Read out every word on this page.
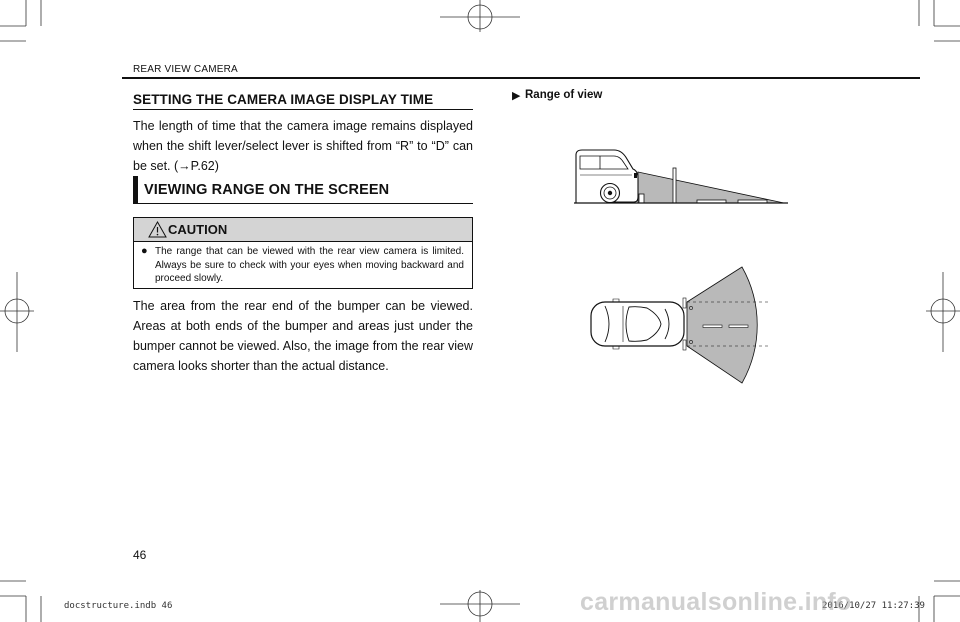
REAR VIEW CAMERA
SETTING THE CAMERA IMAGE DISPLAY TIME
The length of time that the camera image remains displayed when the shift lever/select lever is shifted from “R” to “D” can be set. (→P.62)
VIEWING RANGE ON THE SCREEN
CAUTION
● The range that can be viewed with the rear view camera is limited. Always be sure to check with your eyes when moving backward and proceed slowly.
The area from the rear end of the bumper can be viewed. Areas at both ends of the bumper and areas just under the bumper cannot be viewed. Also, the image from the rear view camera looks shorter than the actual distance.
▶ Range of view
46
docstructure.indb 46	2016/10/27 11:27:39
carmanualsonline.info
